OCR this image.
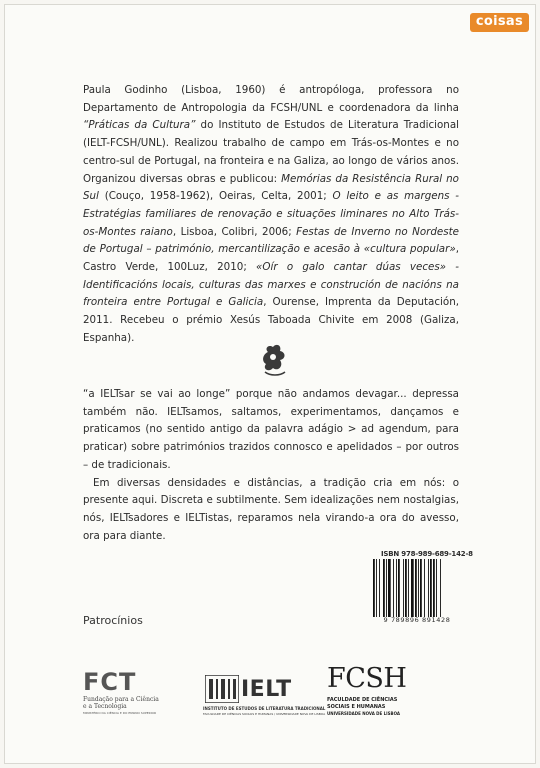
coisas

Paula Godinho (Lisboa, 1960) é antropóloga, professora no Departamento de Antropologia da FCSH/UNL e coordenadora da linha “Práticas da Cultura” do Instituto de Estudos de Literatura Tradicional (IELT-FCSH/UNL). Realizou trabalho de campo em Trás-os-Montes e no centro-sul de Portugal, na fronteira e na Galiza, ao longo de vários anos. Organizou diversas obras e publicou: Memórias da Resistência Rural no Sul (Couço, 1958-1962), Oeiras, Celta, 2001; O leito e as margens - Estratégias familiares de renovação e situações liminares no Alto Trás-os-Montes raiano, Lisboa, Colibri, 2006; Festas de Inverno no Nordeste de Portugal – património, mercantilização e acesão à «cultura popular», Castro Verde, 100Luz, 2010; «Oír o galo cantar dúas veces» -Identificacións locais, culturas das marxes e construción de nacións na fronteira entre Portugal e Galicia, Ourense, Imprenta da Deputación, 2011. Recebeu o prémio Xesús Taboada Chivite em 2008 (Galiza, Espanha).

“a IELTsar se vai ao longe” porque não andamos devagar... depressa também não. IELTsamos, saltamos, experimentamos, dançamos e praticamos (no sentido antigo da palavra adágio > ad agendum, para praticar) sobre patrimónios trazidos connosco e apelidados – por outros – de tradicionais.

Em diversas densidades e distâncias, a tradição cria em nós: o presente aqui. Discreta e subtilmente. Sem idealizações nem nostalgias, nós, IELTsadores e IELTistas, reparamos nela virando-a ora do avesso, ora para diante.

ISBN 978-989-689-142-8
9 789896 891428
Patrocínios
FCT
Fundação para a Ciência
e a Tecnologia
MINISTÉRIO DA CIÊNCIA E DO ENSINO SUPERIOR
IELT
INSTITUTO DE ESTUDOS DE LITERATURA TRADICIONAL
FACULDADE DE CIÊNCIAS SOCIAIS E HUMANAS / UNIVERSIDADE NOVA DE LISBOA
FCSH
FACULDADE DE CIÊNCIAS
SOCIAIS E HUMANAS
UNIVERSIDADE NOVA DE LISBOA
